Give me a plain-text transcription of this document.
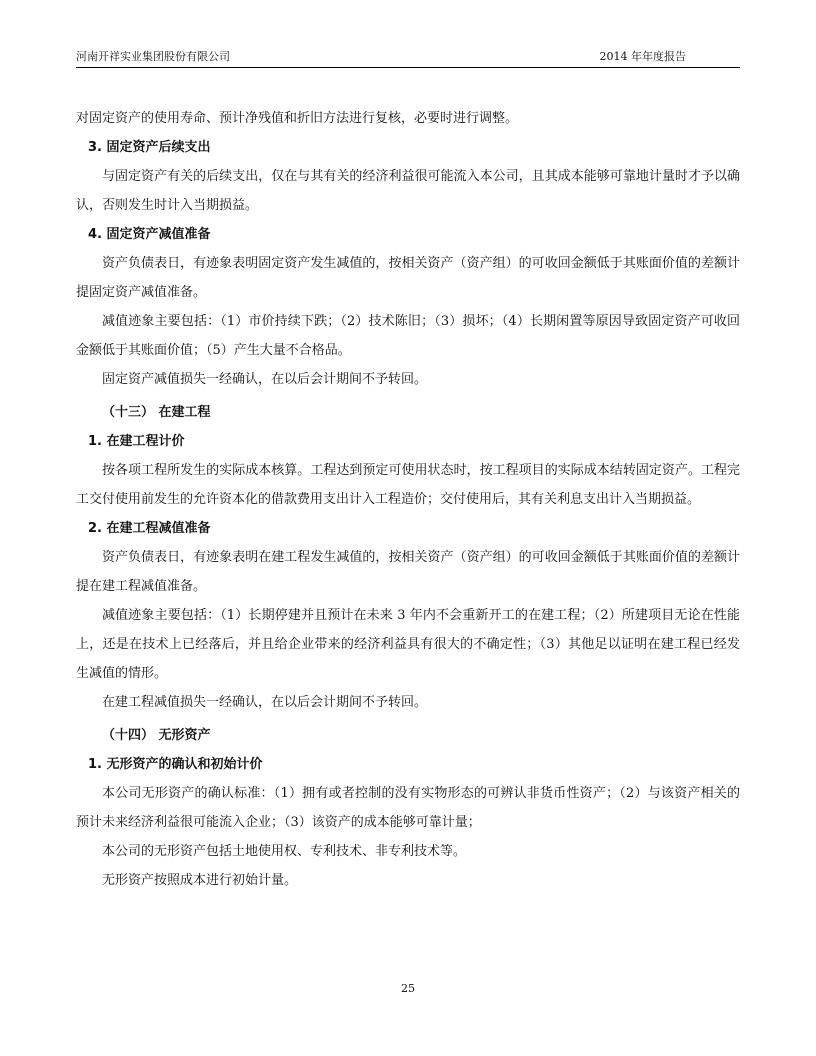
河南开祥实业集团股份有限公司	2014 年年度报告

对固定资产的使用寿命、预计净残值和折旧方法进行复核，必要时进行调整。

3. 固定资产后续支出

与固定资产有关的后续支出，仅在与其有关的经济利益很可能流入本公司，且其成本能够可靠地计量时才予以确认，否则发生时计入当期损益。

4. 固定资产减值准备

资产负债表日，有迹象表明固定资产发生减值的，按相关资产（资产组）的可收回金额低于其账面价值的差额计提固定资产减值准备。

减值迹象主要包括：（1）市价持续下跌；（2）技术陈旧；（3）损坏；（4）长期闲置等原因导致固定资产可收回金额低于其账面价值；（5）产生大量不合格品。

固定资产减值损失一经确认，在以后会计期间不予转回。

（十三） 在建工程

1. 在建工程计价

按各项工程所发生的实际成本核算。工程达到预定可使用状态时，按工程项目的实际成本结转固定资产。工程完工交付使用前发生的允许资本化的借款费用支出计入工程造价；交付使用后，其有关利息支出计入当期损益。

2. 在建工程减值准备

资产负债表日，有迹象表明在建工程发生减值的，按相关资产（资产组）的可收回金额低于其账面价值的差额计提在建工程减值准备。

减值迹象主要包括：（1）长期停建并且预计在未来 3 年内不会重新开工的在建工程；（2）所建项目无论在性能上，还是在技术上已经落后，并且给企业带来的经济利益具有很大的不确定性；（3）其他足以证明在建工程已经发生减值的情形。

在建工程减值损失一经确认，在以后会计期间不予转回。

（十四） 无形资产

1. 无形资产的确认和初始计价

本公司无形资产的确认标准：（1）拥有或者控制的没有实物形态的可辨认非货币性资产；（2）与该资产相关的预计未来经济利益很可能流入企业；（3）该资产的成本能够可靠计量；

本公司的无形资产包括土地使用权、专利技术、非专利技术等。

无形资产按照成本进行初始计量。

25
